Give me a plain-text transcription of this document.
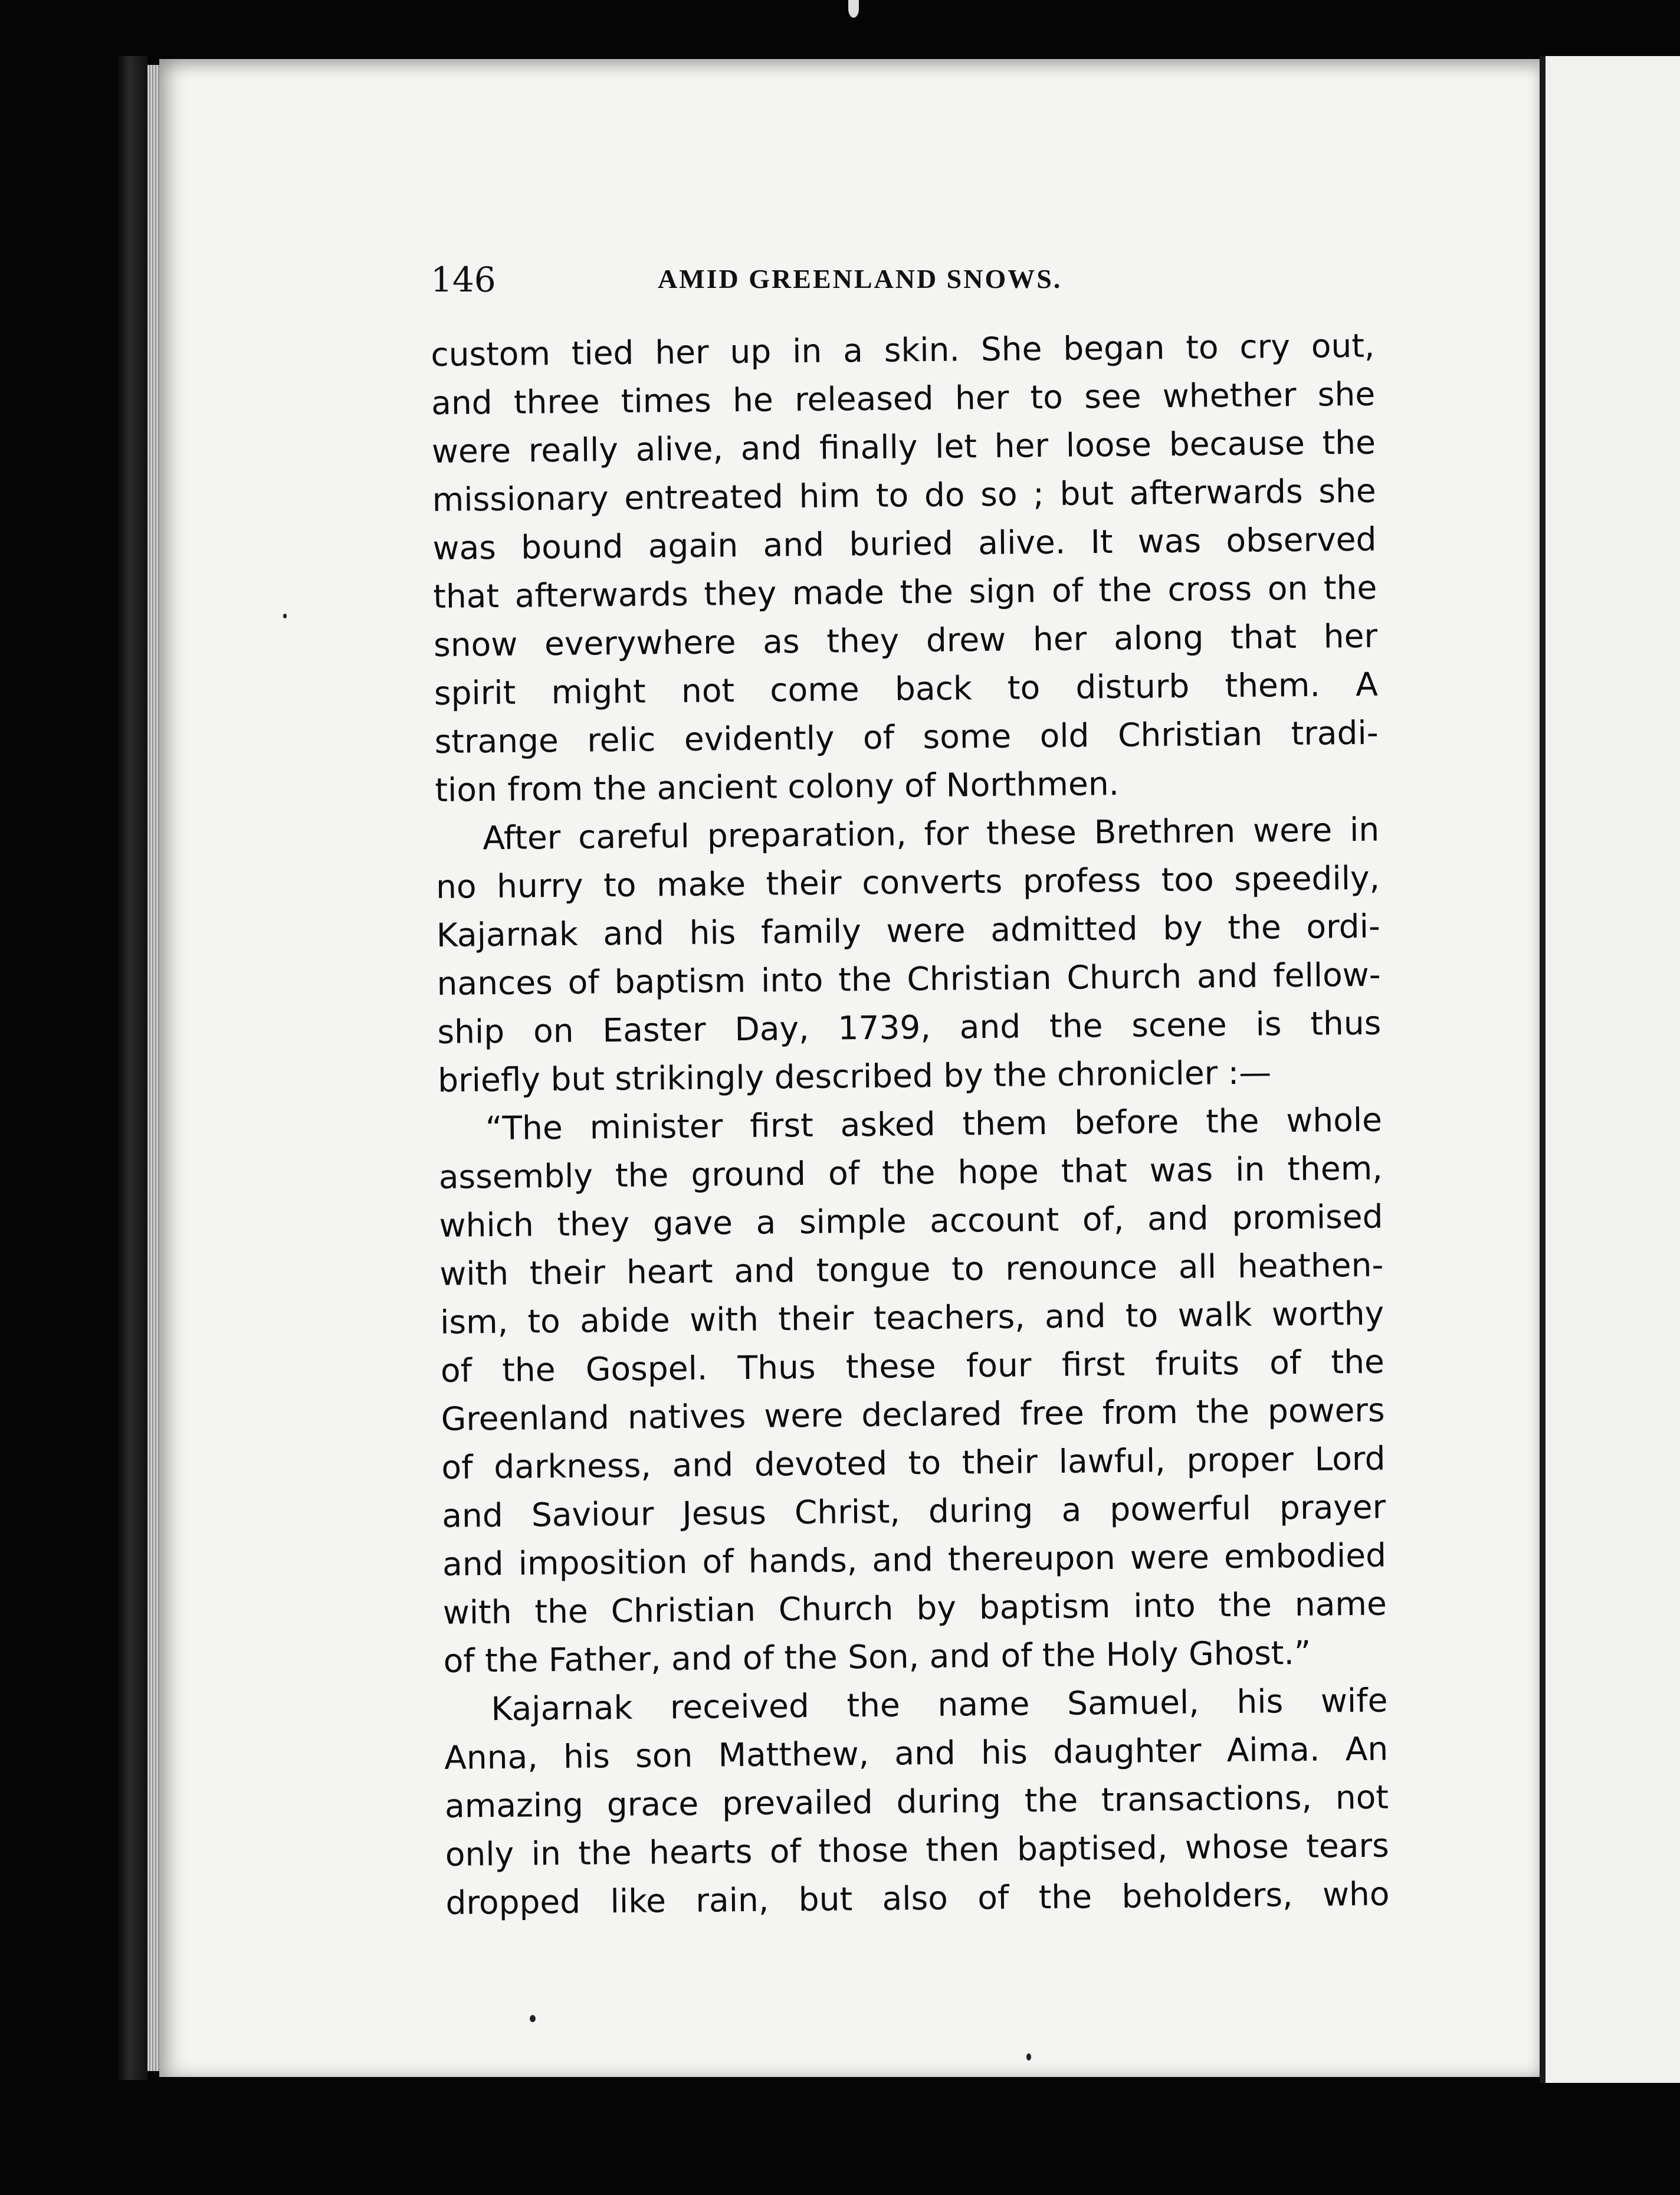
146	AMID GREENLAND SNOWS.
custom tied her up in a skin. She began to cry out,
and three times he released her to see whether she
were really alive, and finally let her loose because the
missionary entreated him to do so ; but afterwards she
was bound again and buried alive. It was observed
that afterwards they made the sign of the cross on the
snow everywhere as they drew her along that her
spirit might not come back to disturb them. A
strange relic evidently of some old Christian tradi-
tion from the ancient colony of Northmen.
After careful preparation, for these Brethren were in
no hurry to make their converts profess too speedily,
Kajarnak and his family were admitted by the ordi-
nances of baptism into the Christian Church and fellow-
ship on Easter Day, 1739, and the scene is thus
briefly but strikingly described by the chronicler :—
“The minister first asked them before the whole
assembly the ground of the hope that was in them,
which they gave a simple account of, and promised
with their heart and tongue to renounce all heathen-
ism, to abide with their teachers, and to walk worthy
of the Gospel. Thus these four first fruits of the
Greenland natives were declared free from the powers
of darkness, and devoted to their lawful, proper Lord
and Saviour Jesus Christ, during a powerful prayer
and imposition of hands, and thereupon were embodied
with the Christian Church by baptism into the name
of the Father, and of the Son, and of the Holy Ghost.”
Kajarnak received the name Samuel, his wife
Anna, his son Matthew, and his daughter Aima. An
amazing grace prevailed during the transactions, not
only in the hearts of those then baptised, whose tears
dropped like rain, but also of the beholders, who
